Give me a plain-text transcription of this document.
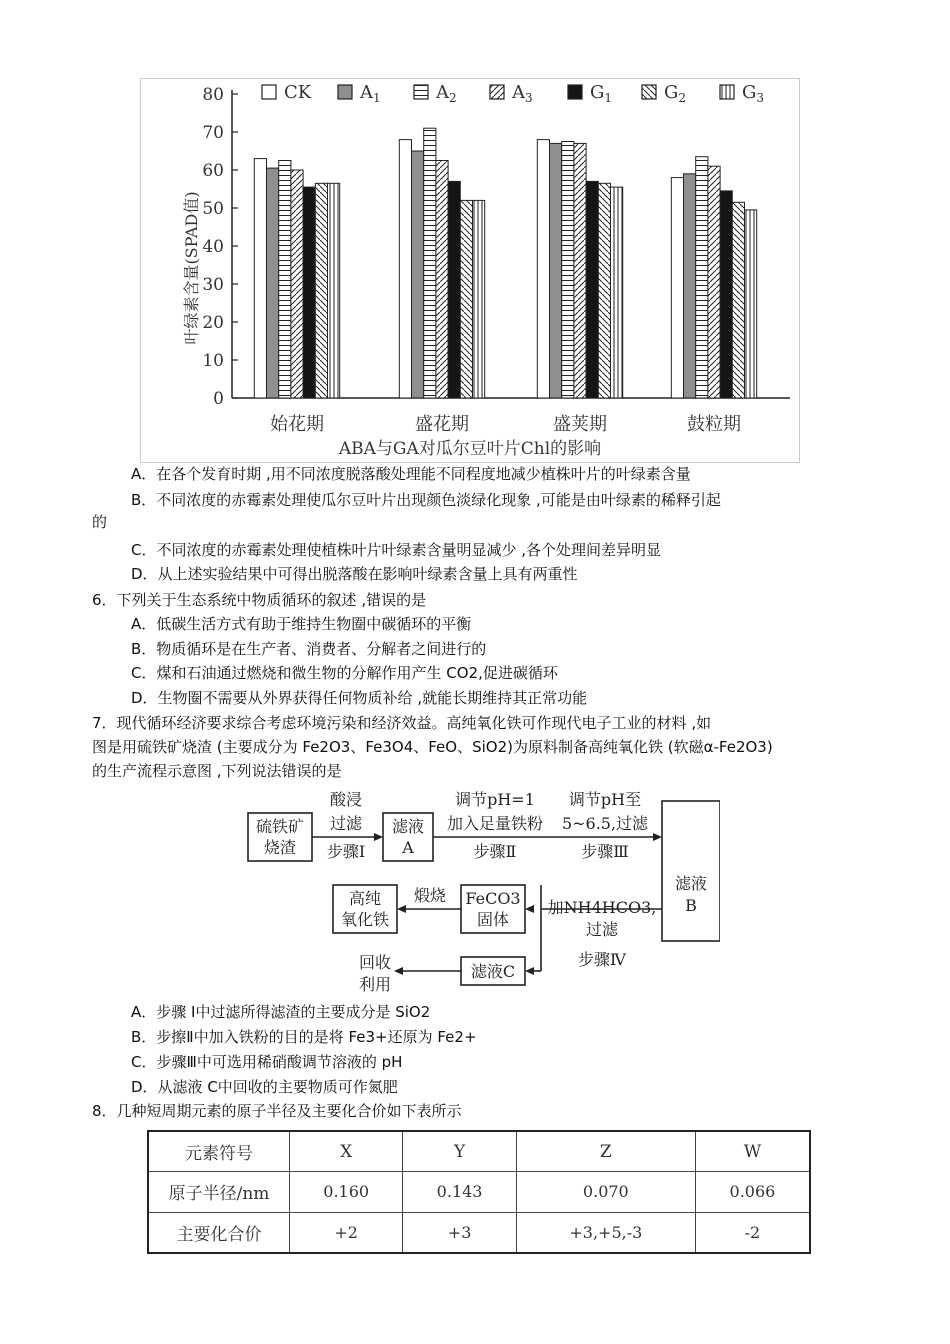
0
10
20
30
40
50
60
70
80
始花期	盛花期	盛荚期	鼓粒期
CK	$A_1$	$A_2$	$A_3$	$G_1$	$G_2$	$G_3$
叶绿素含量(SPAD值)
ABA与GA对瓜尔豆叶片Chl的影响
A．在各个发育时期 ,用不同浓度脱落酸处理能不同程度地减少植株叶片的叶绿素含量
B．不同浓度的赤霉素处理使瓜尔豆叶片出现颜色淡绿化现象 ,可能是由叶绿素的稀释引起
的
C．不同浓度的赤霉素处理使植株叶片叶绿素含量明显减少 ,各个处理间差异明显
D．从上述实验结果中可得出脱落酸在影响叶绿素含量上具有两重性
6．下列关于生态系统中物质循环的叙述 ,错误的是
A．低碳生活方式有助于维持生物圈中碳循环的平衡
B．物质循环是在生产者、消费者、分解者之间进行的
C．煤和石油通过燃烧和微生物的分解作用产生 CO2,促进碳循环
D．生物圈不需要从外界获得任何物质补给 ,就能长期维持其正常功能
7．现代循环经济要求综合考虑环境污染和经济效益。高纯氧化铁可作现代电子工业的材料 ,如
图是用硫铁矿烧渣 (主要成分为 Fe2O3、Fe3O4、FeO、SiO2)为原料制备高纯氧化铁 (软磁α-Fe2O3)
的生产流程示意图 ,下列说法错误的是
硫铁矿
烧渣
酸浸
过滤
步骤Ⅰ
滤液
A
调节pH=1
加入足量铁粉
步骤Ⅱ
调节pH至
5~6.5,过滤
步骤Ⅲ
滤液
B
加NH4HCO3,
过滤
步骤Ⅳ
FeCO3
固体
煅烧
高纯
氧化铁
滤液C
回收
利用
A．步骤 Ⅰ中过滤所得滤渣的主要成分是 SiO2
B．步擦Ⅱ中加入铁粉的目的是将 Fe3+还原为 Fe2+
C．步骤Ⅲ中可选用稀硝酸调节溶液的 pH
D．从滤液 C中回收的主要物质可作氮肥
8．几种短周期元素的原子半径及主要化合价如下表所示
元素符号	X	Y	Z	W
原子半径/nm	0.160	0.143	0.070	0.066
主要化合价	+2	+3	+3,+5,-3	-2
